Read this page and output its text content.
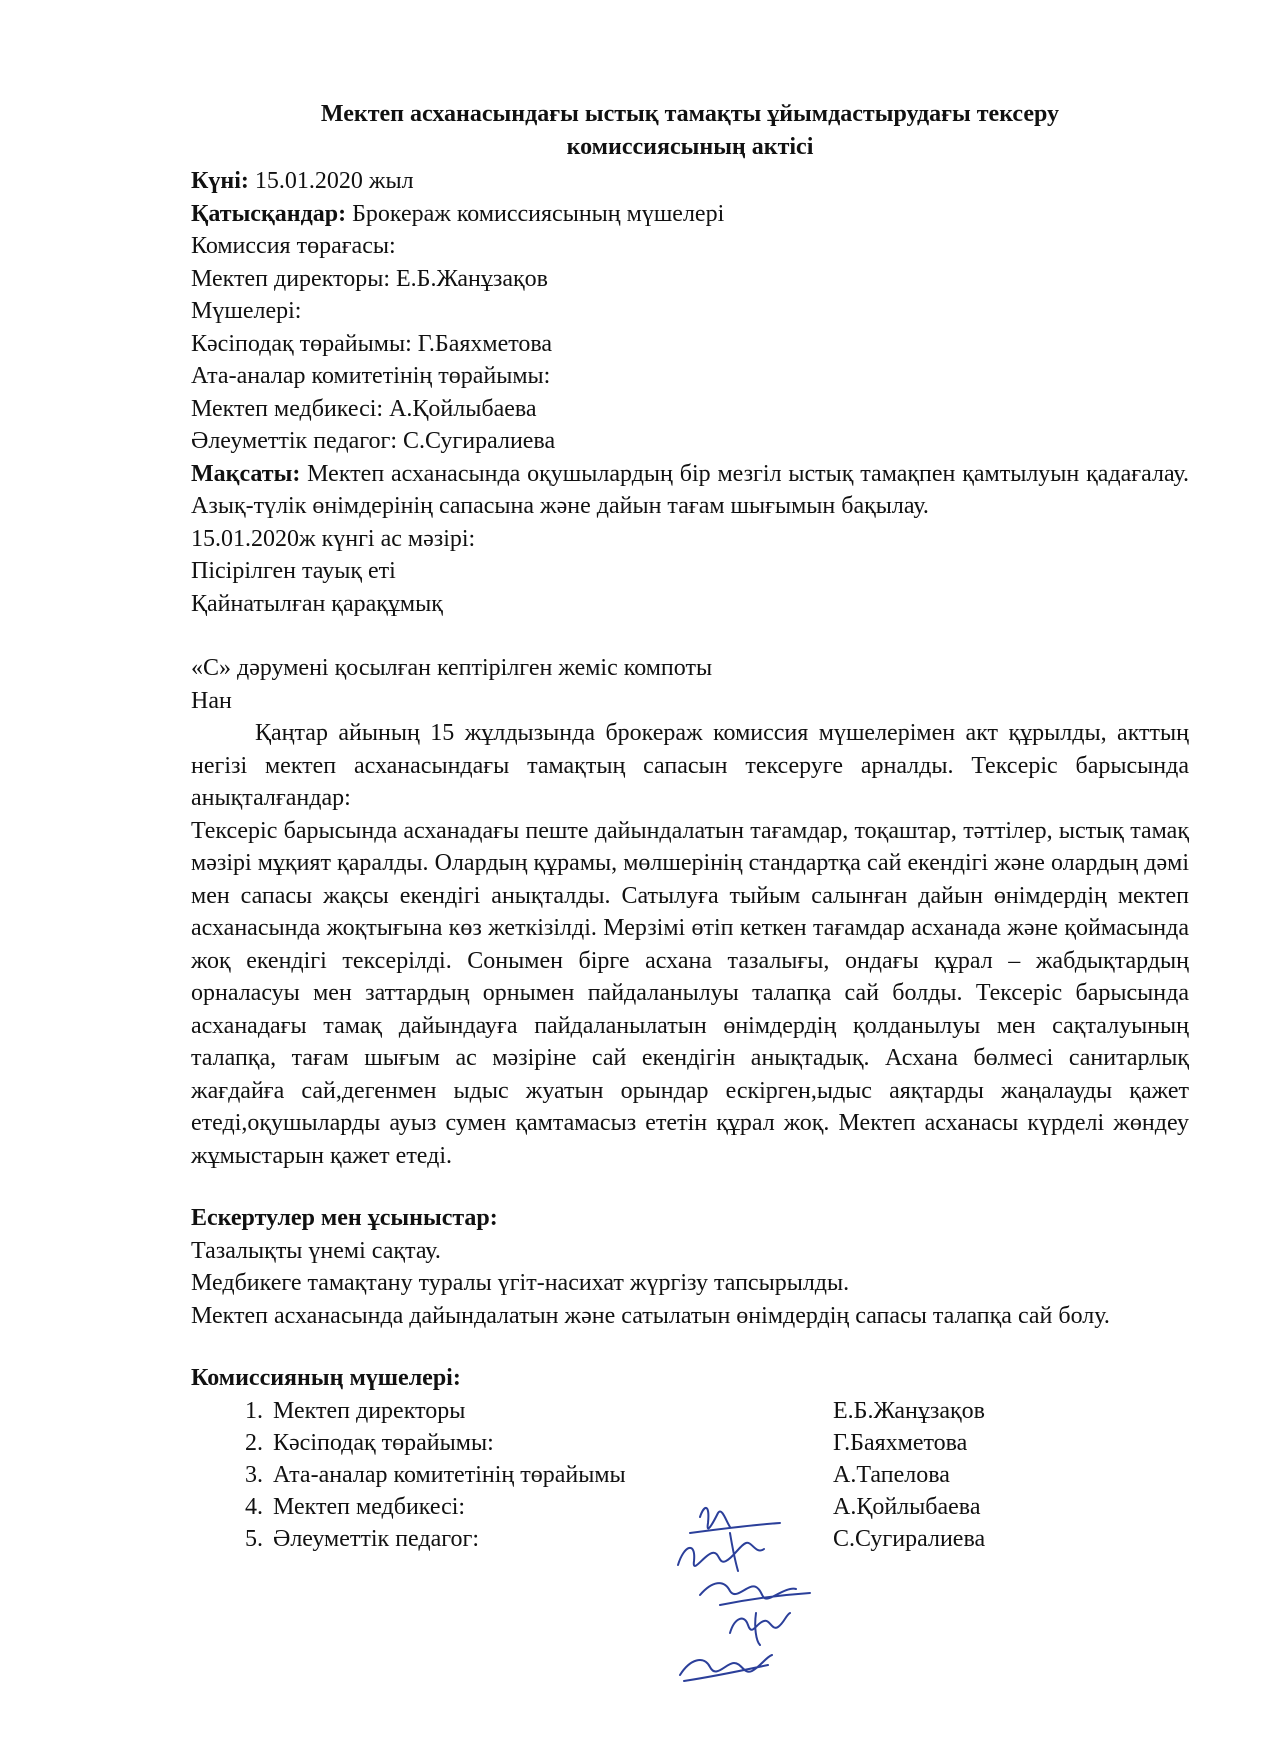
Мектеп асханасындағы ыстық тамақты ұйымдастырудағы тексеру
комиссиясының актісі
Күні: 15.01.2020 жыл
Қатысқандар: Брокераж комиссиясының мүшелері
Комиссия төрағасы:
Мектеп директоры: Е.Б.Жанұзақов
Мүшелері:
Кәсіподақ төрайымы: Г.Баяхметова
Ата-аналар комитетінің төрайымы:
Мектеп медбикесі: А.Қойлыбаева
Әлеуметтік педагог: С.Сугиралиева
Мақсаты: Мектеп асханасында оқушылардың бір мезгіл ыстық тамақпен қамтылуын қадағалау. Азық-түлік өнімдерінің сапасына және дайын тағам шығымын бақылау.
15.01.2020ж күнгі ас мәзірі:
Пісірілген тауық еті
Қайнатылған қарақұмық
«С» дәрумені қосылған кептірілген жеміс компоты
Нан
Қаңтар айының 15 жұлдызында брокераж комиссия мүшелерімен акт құрылды, акттың негізі мектеп асханасындағы тамақтың сапасын тексеруге арналды. Тексеріс барысында анықталғандар:
Тексеріс барысында асханадағы пеште дайындалатын тағамдар, тоқаштар, тәттілер, ыстық тамақ мәзірі мұқият қаралды. Олардың құрамы, мөлшерінің стандартқа сай екендігі және олардың дәмі мен сапасы жақсы екендігі анықталды. Сатылуға тыйым салынған дайын өнімдердің мектеп асханасында жоқтығына көз жеткізілді. Мерзімі өтіп кеткен тағамдар асханада және қоймасында жоқ екендігі тексерілді. Сонымен бірге асхана тазалығы, ондағы құрал – жабдықтардың орналасуы мен заттардың орнымен пайдаланылуы талапқа сай болды. Тексеріс барысында асханадағы тамақ дайындауға пайдаланылатын өнімдердің қолданылуы мен сақталуының талапқа, тағам шығым ас мәзіріне сай екендігін анықтадық. Асхана бөлмесі санитарлық жағдайға сай,дегенмен ыдыс жуатын орындар ескірген,ыдыс аяқтарды жаңалауды қажет етеді,оқушыларды ауыз сумен қамтамасыз ететін құрал жоқ. Мектеп асханасы күрделі жөндеу жұмыстарын қажет етеді.
Ескертулер мен ұсыныстар:
Тазалықты үнемі сақтау.
Медбикеге тамақтану туралы үгіт-насихат жүргізу тапсырылды.
Мектеп асханасында дайындалатын және сатылатын өнімдердің сапасы талапқа сай болу.
Комиссияның мүшелері:
1. Мектеп директоры	Е.Б.Жанұзақов
2. Кәсіподақ төрайымы:	Г.Баяхметова
3. Ата-аналар комитетінің төрайымы	А.Тапелова
4. Мектеп медбикесі:	А.Қойлыбаева
5. Әлеуметтік педагог:	С.Сугиралиева
